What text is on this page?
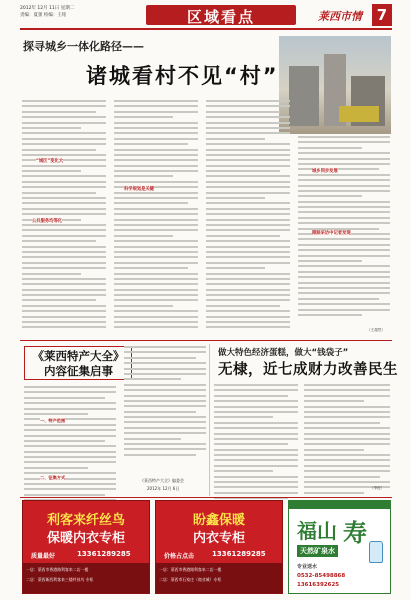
2012年 12月 11日 星期二
责编：夏蕾 校编：王铭	区域看点	莱西市情 7
探寻城乡一体化路径——
诸城看村不见“村”
“城区”变化大
公共服务均等化
科学规划是关键
城乡同步发展
跟踪采访中记者发现
（王超然）
《莱西特产大全》内容征集启事
一、特产范围
二、征集方式
《莱西特产大全》编委会
2012年 12月 6日
做大特色经济蛋糕，做大“钱袋子”
无棣，近七成财力改善民生
（李进）
利客来纤丝鸟
保暖内衣专柜
质量最好	13361289285
一店：莱西市香港路利客来二店一楼
二店：莱西新西利客来三楼纤丝鸟 专柜
盼鑫保暖
内衣专柜
价格占点击	13361289285
一店：莱西市香港路利客来二店一楼
二店：莱西市石家庄（商业城）专柜
福山 寿
天然矿泉水
专业送水
0532-85498868
13616392625
